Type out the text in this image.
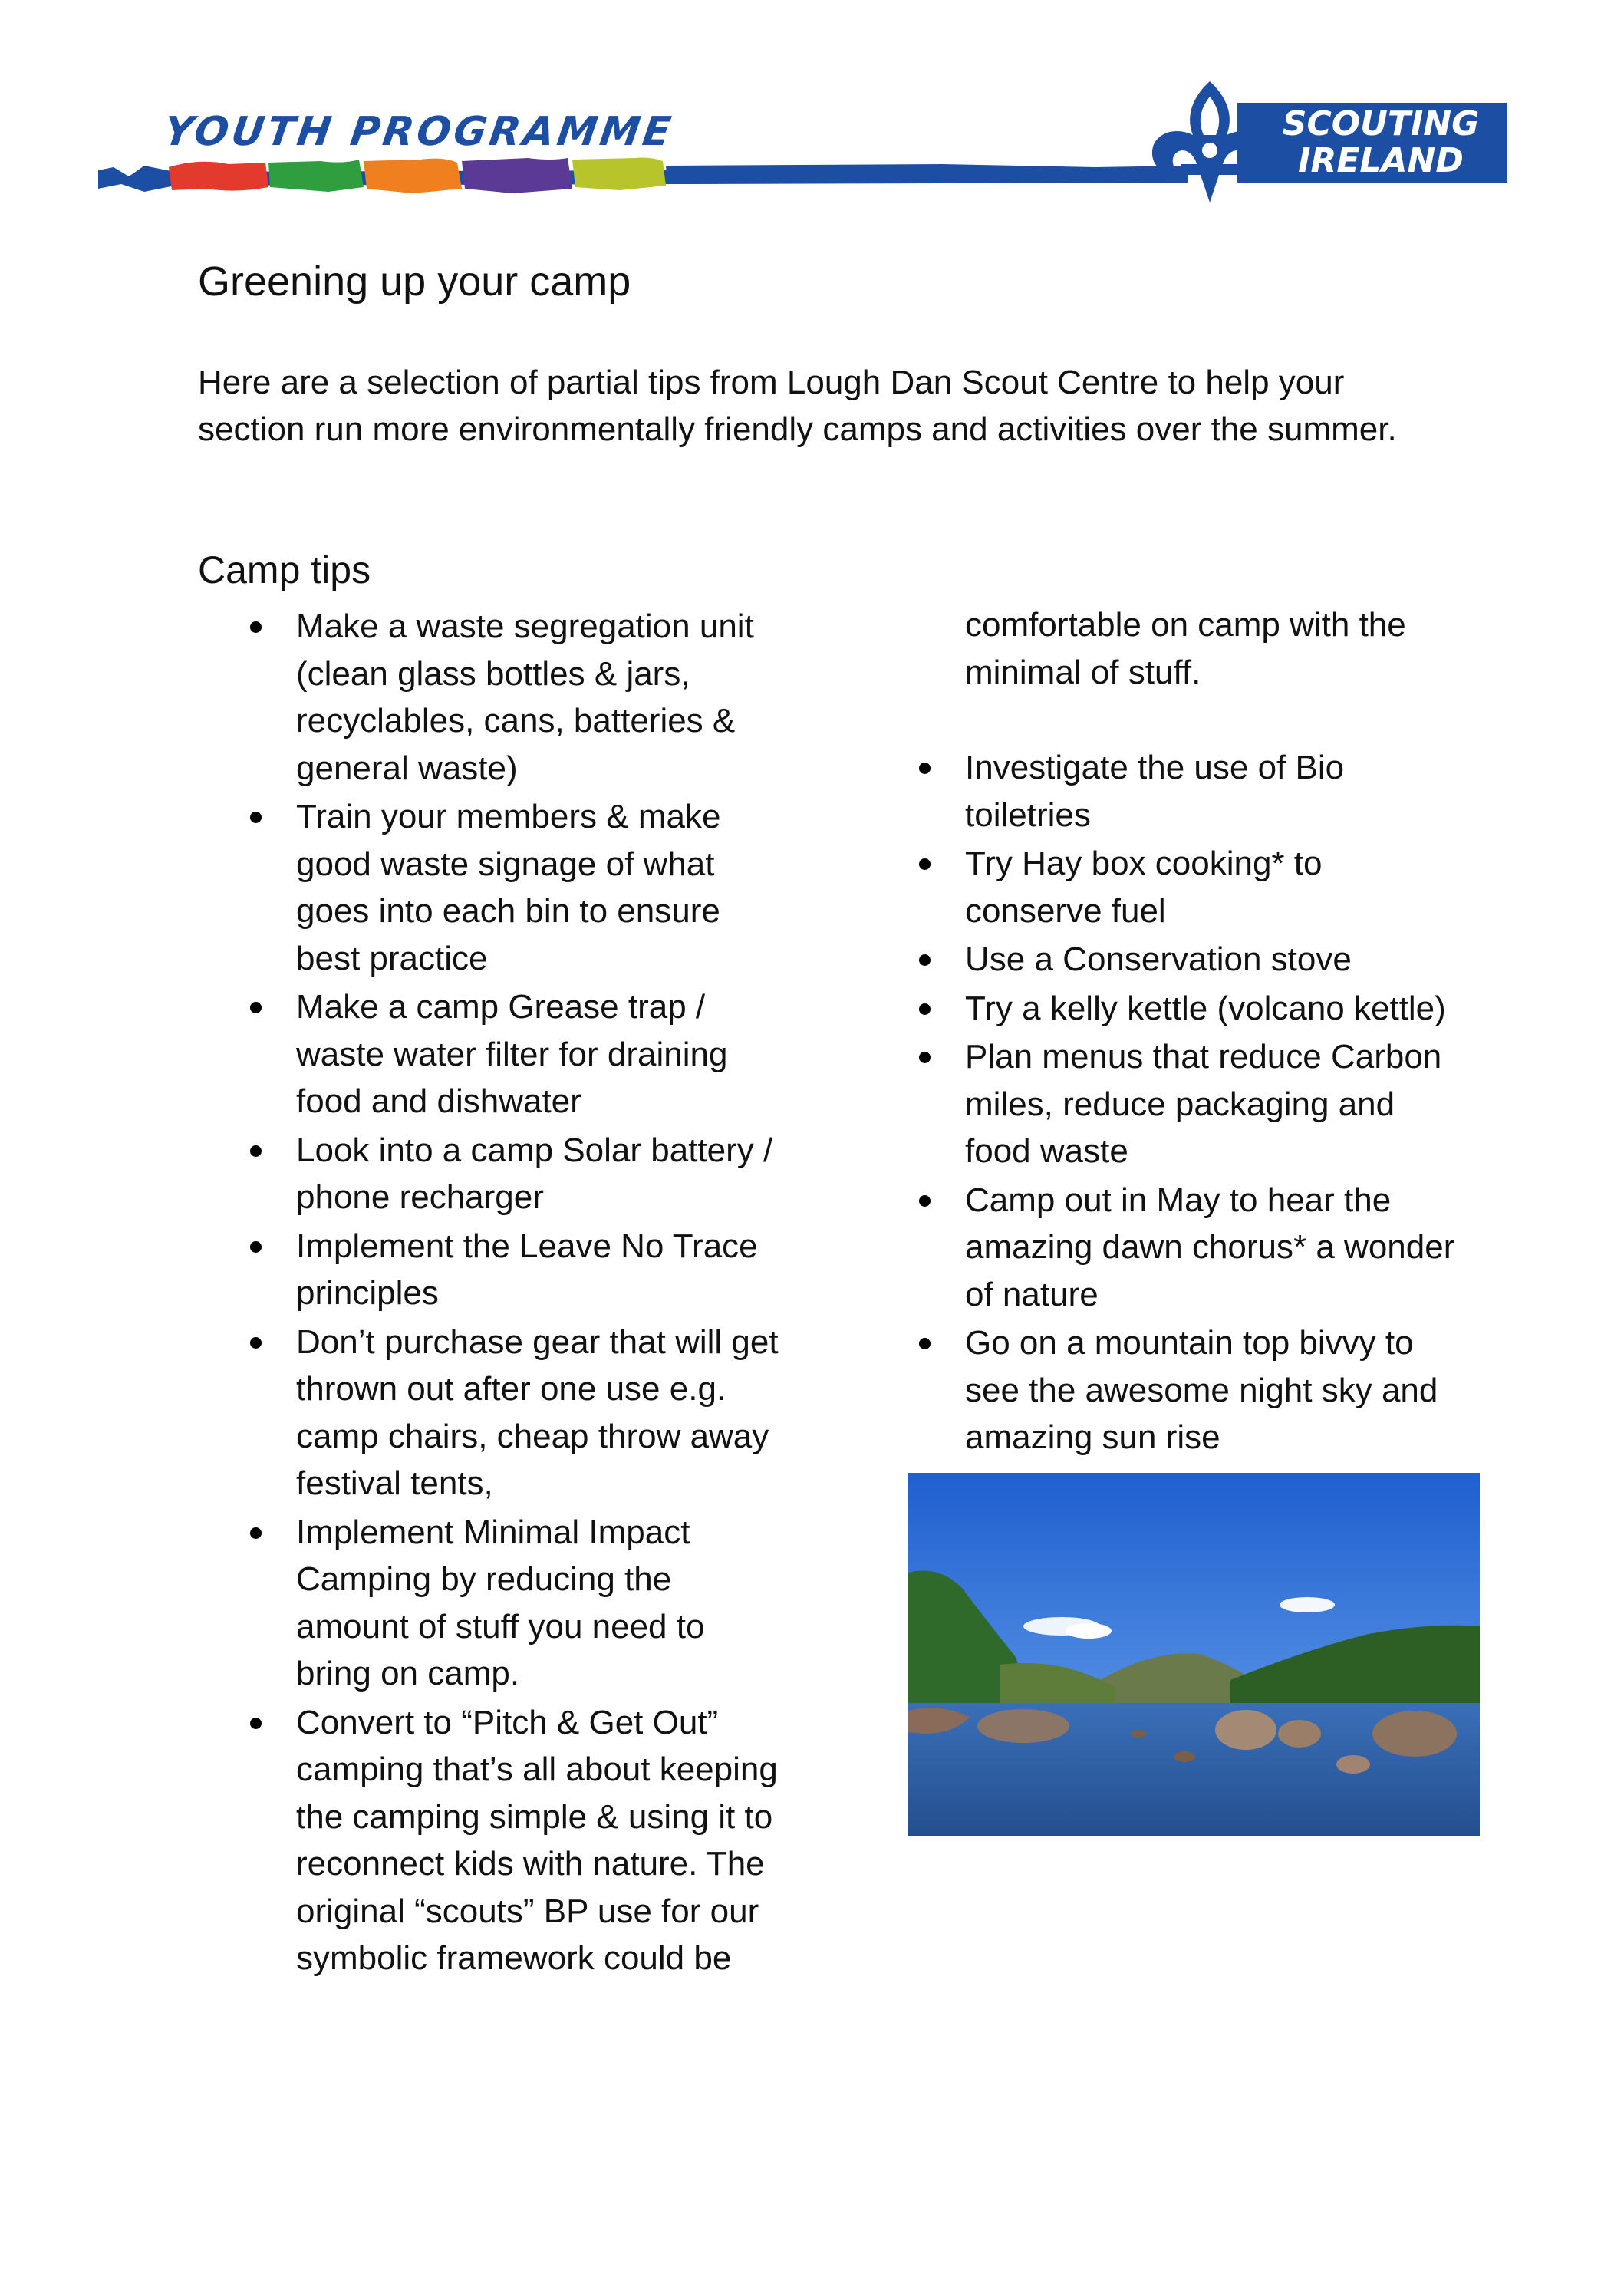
YOUTH PROGRAMME	SCOUTING
IRELAND
Greening up your camp
Here are a selection of partial tips from Lough Dan Scout Centre to help your section run more environmentally friendly camps and activities over the summer.
Camp tips
Make a waste segregation unit (clean glass bottles & jars, recyclables, cans, batteries & general waste)
Train your members & make good waste signage of what goes into each bin to ensure best practice
Make a camp Grease trap / waste water filter for draining food and dishwater
Look into a camp Solar battery / phone recharger
Implement the Leave No Trace principles
Don’t purchase gear that will get thrown out after one use e.g. camp chairs, cheap throw away festival tents,
Implement Minimal Impact Camping by reducing the amount of stuff you need to bring on camp.
Convert to “Pitch & Get Out” camping that’s all about keeping the camping simple & using it to reconnect kids with nature. The original “scouts” BP use for our symbolic framework could be
comfortable on camp with the minimal of stuff.
Investigate the use of Bio toiletries
Try Hay box cooking* to conserve fuel
Use a Conservation stove
Try a kelly kettle (volcano kettle)
Plan menus that reduce Carbon miles, reduce packaging and food waste
Camp out in May to hear the amazing dawn chorus* a wonder of nature
Go on a mountain top bivvy to see the awesome night sky and amazing sun rise
